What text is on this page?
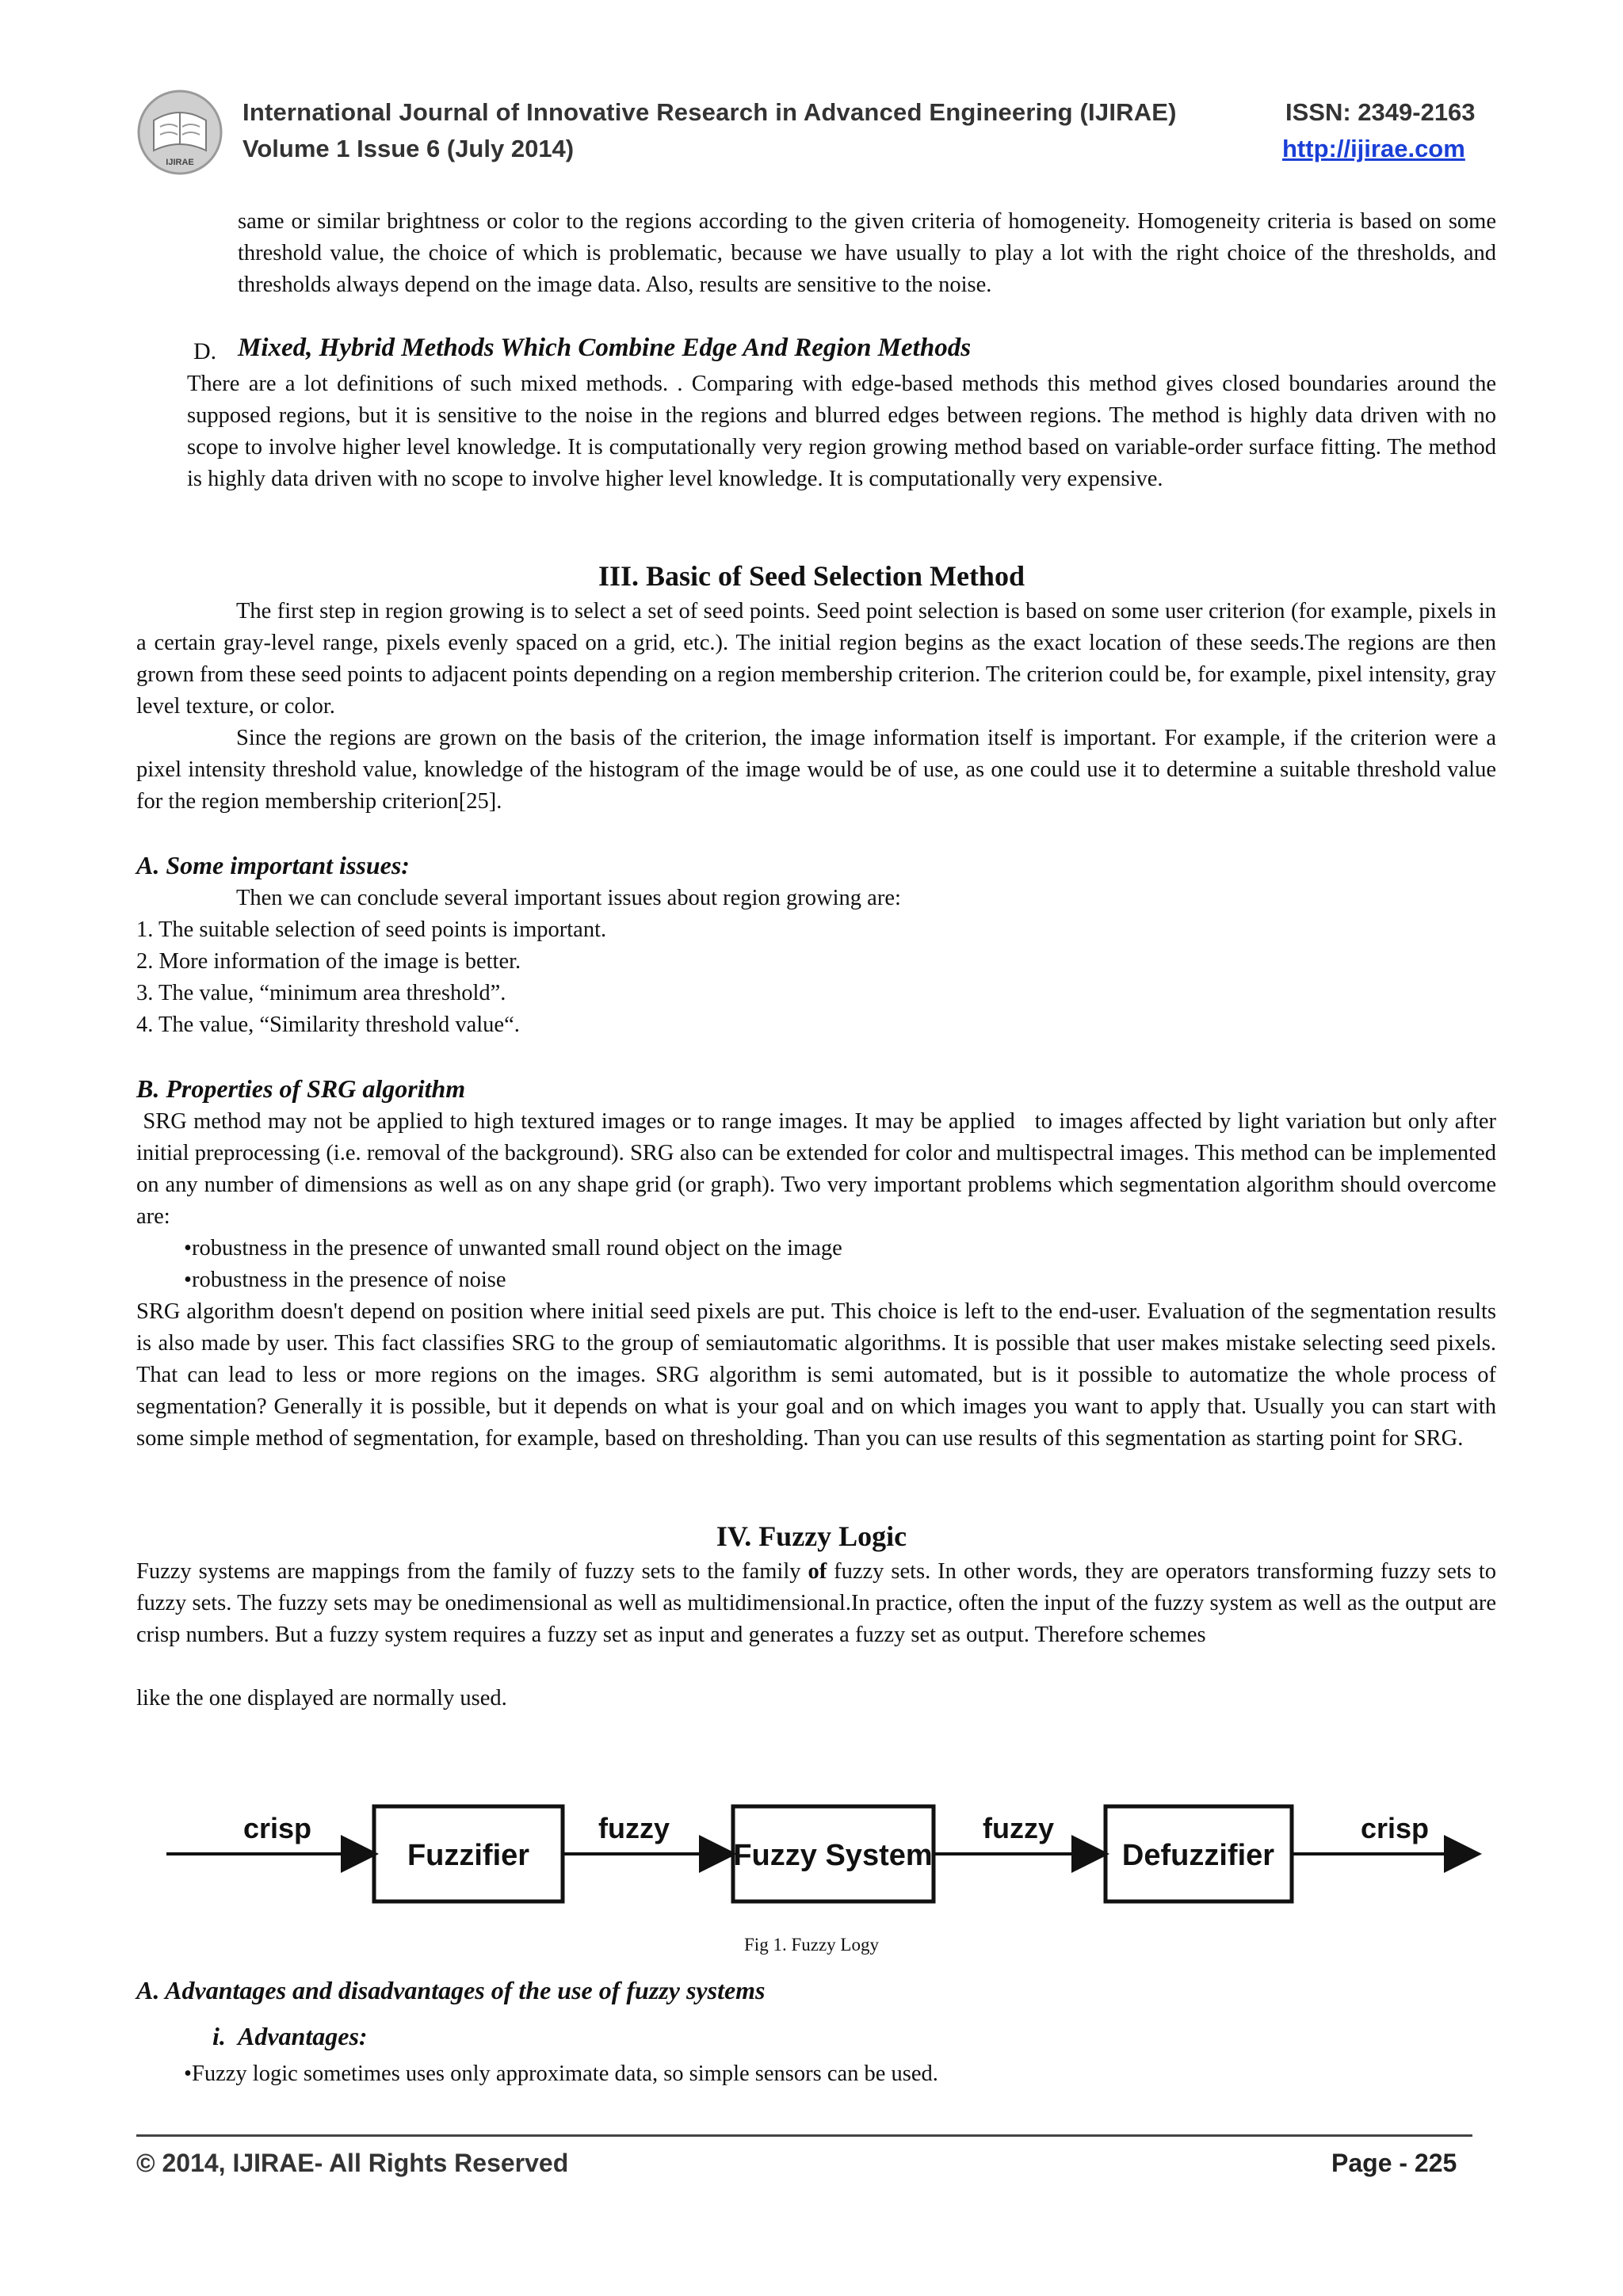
IJIRAE
International Journal of Innovative Research in Advanced Engineering (IJIRAE)
Volume 1 Issue 6 (July 2014)
ISSN: 2349-2163
http://ijirae.com
same or similar brightness or color to the regions according to the given criteria of homogeneity. Homogeneity criteria is based on some threshold value, the choice of which is problematic, because we have usually to play a lot with the right choice of the thresholds, and thresholds always depend on the image data. Also, results are sensitive to the noise.
D. Mixed, Hybrid Methods Which Combine Edge And Region Methods
There are a lot definitions of such mixed methods. . Comparing with edge-based methods this method gives closed boundaries around the supposed regions, but it is sensitive to the noise in the regions and blurred edges between regions. The method is highly data driven with no scope to involve higher level knowledge. It is computationally very region growing method based on variable-order surface fitting. The method is highly data driven with no scope to involve higher level knowledge. It is computationally very expensive.
III. Basic of Seed Selection Method
The first step in region growing is to select a set of seed points. Seed point selection is based on some user criterion (for example, pixels in a certain gray-level range, pixels evenly spaced on a grid, etc.). The initial region begins as the exact location of these seeds.The regions are then grown from these seed points to adjacent points depending on a region membership criterion. The criterion could be, for example, pixel intensity, gray level texture, or color.
Since the regions are grown on the basis of the criterion, the image information itself is important. For example, if the criterion were a pixel intensity threshold value, knowledge of the histogram of the image would be of use, as one could use it to determine a suitable threshold value for the region membership criterion[25].
A. Some important issues:
Then we can conclude several important issues about region growing are:
1. The suitable selection of seed points is important.
2. More information of the image is better.
3. The value, “minimum area threshold”.
4. The value, “Similarity threshold value“.
B. Properties of SRG algorithm
SRG method may not be applied to high textured images or to range images. It may be applied   to images affected by light variation but only after initial preprocessing (i.e. removal of the background). SRG also can be extended for color and multispectral images. This method can be implemented on any number of dimensions as well as on any shape grid (or graph). Two very important problems which segmentation algorithm should overcome are:
•robustness in the presence of unwanted small round object on the image
•robustness in the presence of noise
SRG algorithm doesn't depend on position where initial seed pixels are put. This choice is left to the end-user. Evaluation of the segmentation results is also made by user. This fact classifies SRG to the group of semiautomatic algorithms. It is possible that user makes mistake selecting seed pixels. That can lead to less or more regions on the images. SRG algorithm is semi automated, but is it possible to automatize the whole process of segmentation? Generally it is possible, but it depends on what is your goal and on which images you want to apply that. Usually you can start with some simple method of segmentation, for example, based on thresholding. Than you can use results of this segmentation as starting point for SRG.
IV. Fuzzy Logic
Fuzzy systems are mappings from the family of fuzzy sets to the family of fuzzy sets. In other words, they are operators transforming fuzzy sets to fuzzy sets. The fuzzy sets may be onedimensional as well as multidimensional.In practice, often the input of the fuzzy system as well as the output are crisp numbers. But a fuzzy system requires a fuzzy set as input and generates a fuzzy set as output. Therefore schemes
like the one displayed are normally used.
Fuzzifier	Fuzzy System	Defuzzifier
crisp	fuzzy	fuzzy	crisp
Fig 1. Fuzzy Logy
A. Advantages and disadvantages of the use of fuzzy systems
i. Advantages:
•Fuzzy logic sometimes uses only approximate data, so simple sensors can be used.
© 2014, IJIRAE- All Rights Reserved	Page - 225
